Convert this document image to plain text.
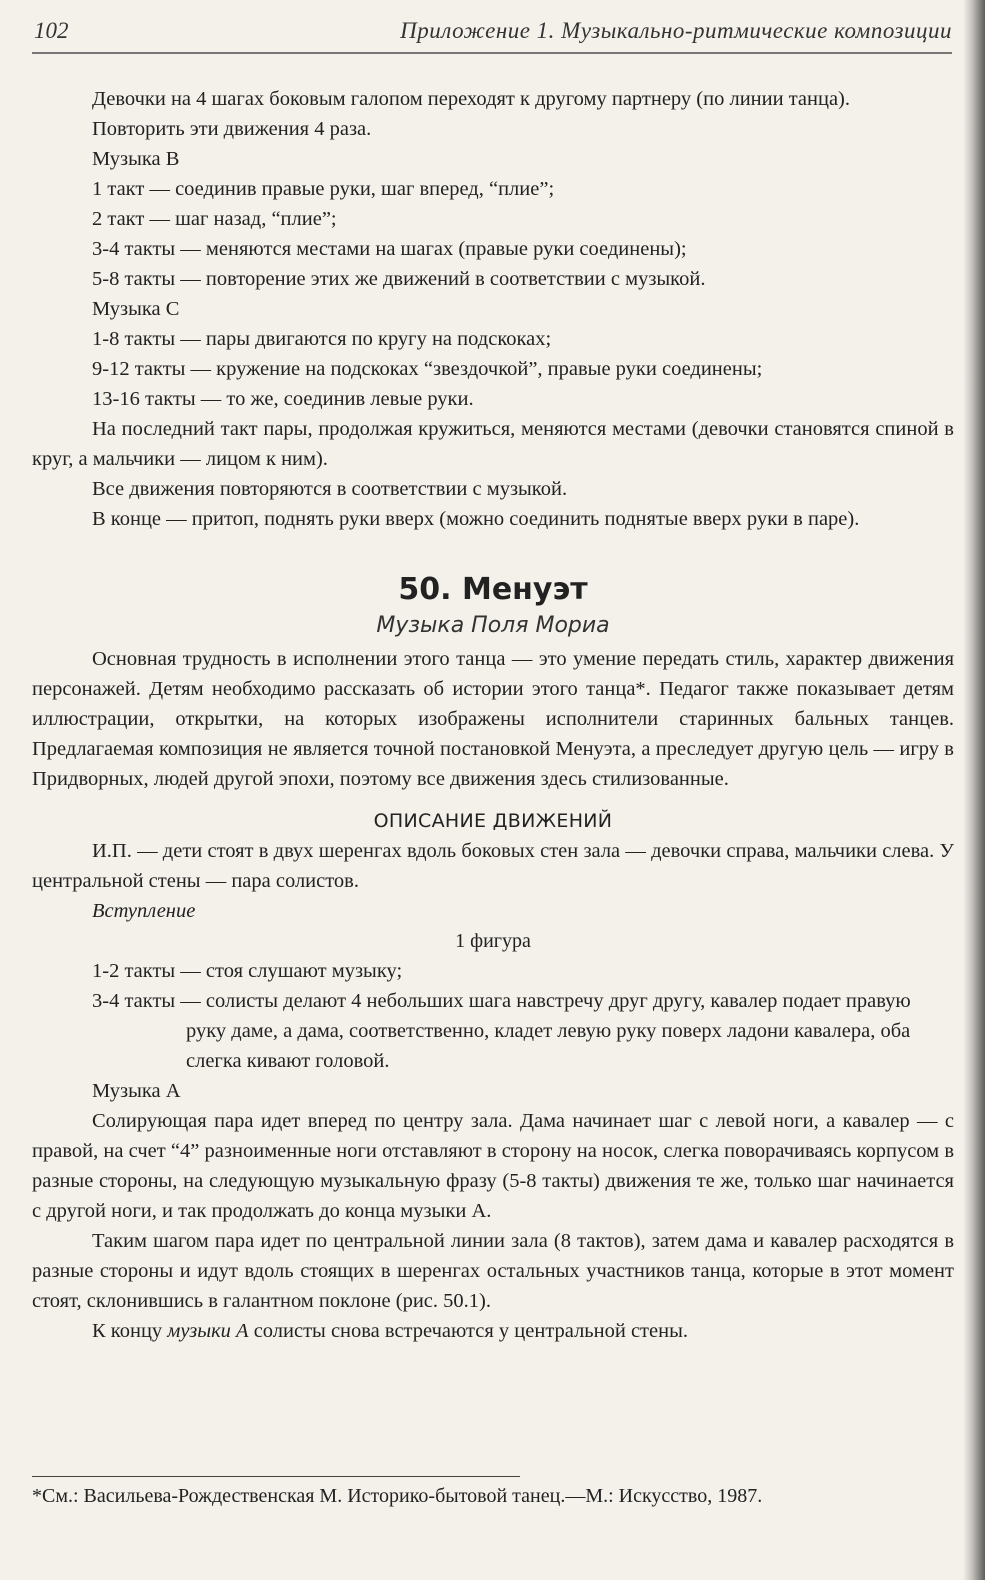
102	Приложение 1. Музыкально-ритмические композиции

Девочки на 4 шагах боковым галопом переходят к другому партнеру (по линии танца).

Повторить эти движения 4 раза.

Музыка В

1 такт — соединив правые руки, шаг вперед, “плие”;

2 такт — шаг назад, “плие”;

3-4 такты — меняются местами на шагах (правые руки соединены);

5-8 такты — повторение этих же движений в соответствии с музыкой.

Музыка С

1-8 такты — пары двигаются по кругу на подскоках;

9-12 такты — кружение на подскоках “звездочкой”, правые руки соединены;

13-16 такты — то же, соединив левые руки.

На последний такт пары, продолжая кружиться, меняются местами (девочки становятся спиной в круг, а мальчики — лицом к ним).

Все движения повторяются в соответствии с музыкой.

В конце — притоп, поднять руки вверх (можно соединить поднятые вверх руки в паре).

50. Менуэт
Музыка Поля Мориа

Основная трудность в исполнении этого танца — это умение передать стиль, характер движения персонажей. Детям необходимо рассказать об истории этого танца*. Педагог также показывает детям иллюстрации, открытки, на которых изображены исполнители старинных бальных танцев. Предлагаемая композиция не является точной постановкой Менуэта, а преследует другую цель — игру в Придворных, людей другой эпохи, поэтому все движения здесь стилизованные.

ОПИСАНИЕ ДВИЖЕНИЙ

И.П. — дети стоят в двух шеренгах вдоль боковых стен зала — девочки справа, мальчики слева. У центральной стены — пара солистов.

Вступление

1 фигура

1-2 такты — стоя слушают музыку;

3-4 такты — солисты делают 4 небольших шага навстречу друг другу, кавалер подает правую руку даме, а дама, соответственно, кладет левую руку поверх ладони кавалера, оба слегка кивают головой.

Музыка А

Солирующая пара идет вперед по центру зала. Дама начинает шаг с левой ноги, а кавалер — с правой, на счет “4” разноименные ноги отставляют в сторону на носок, слегка поворачиваясь корпусом в разные стороны, на следующую музыкальную фразу (5-8 такты) движения те же, только шаг начинается с другой ноги, и так продолжать до конца музыки А.

Таким шагом пара идет по центральной линии зала (8 тактов), затем дама и кавалер расходятся в разные стороны и идут вдоль стоящих в шеренгах остальных участников танца, которые в этот момент стоят, склонившись в галантном поклоне (рис. 50.1).

К концу музыки А солисты снова встречаются у центральной стены.

*См.: Васильева-Рождественская М. Историко-бытовой танец.—М.: Искусство, 1987.
